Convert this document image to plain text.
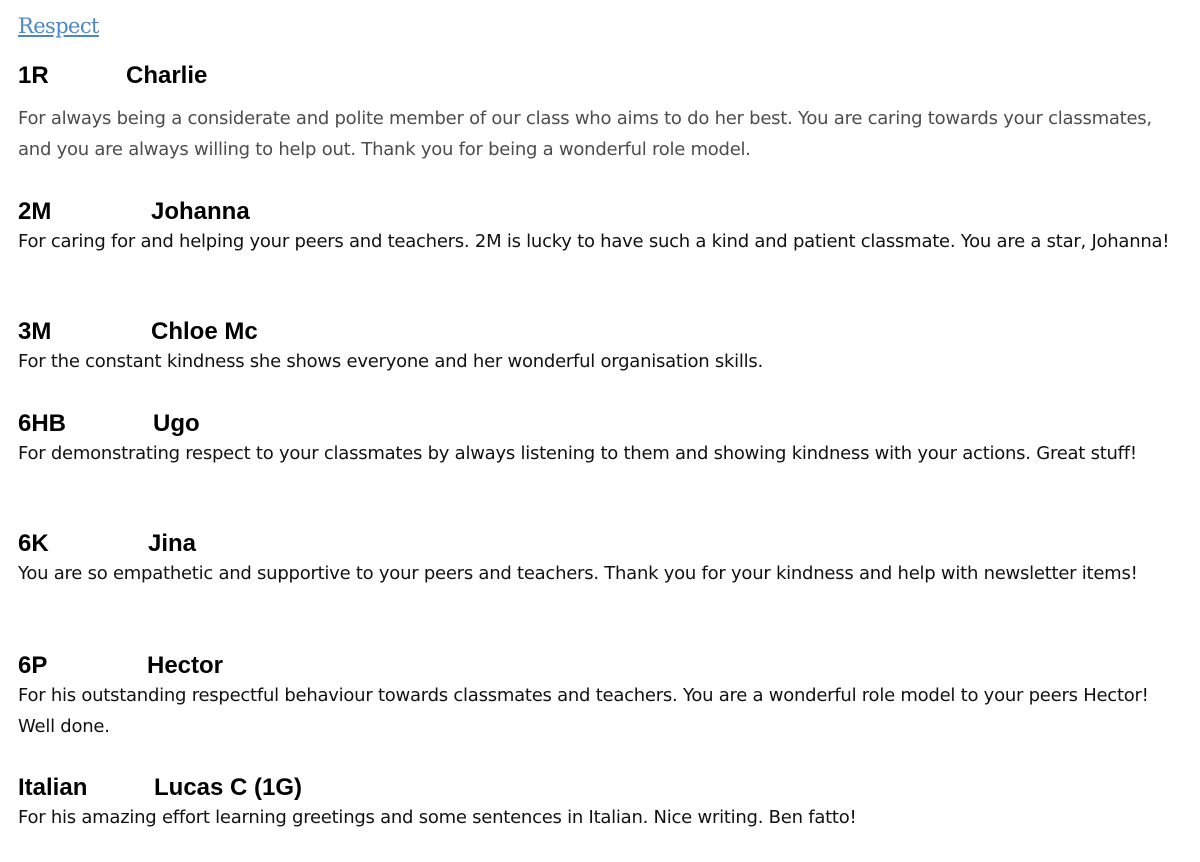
Respect
1R	Charlie

For always being a considerate and polite member of our class who aims to do her best. You are caring towards your classmates, and you are always willing to help out. Thank you for being a wonderful role model.

2M	Johanna

For caring for and helping your peers and teachers. 2M is lucky to have such a kind and patient classmate. You are a star, Johanna!

3M	Chloe Mc

For the constant kindness she shows everyone and her wonderful organisation skills.

6HB	Ugo

For demonstrating respect to your classmates by always listening to them and showing kindness with your actions. Great stuff!

6K	Jina

You are so empathetic and supportive to your peers and teachers. Thank you for your kindness and help with newsletter items!

6P	Hector

For his outstanding respectful behaviour towards classmates and teachers. You are a wonderful role model to your peers Hector! Well done.

Italian	Lucas C (1G)

For his amazing effort learning greetings and some sentences in Italian. Nice writing. Ben fatto!
